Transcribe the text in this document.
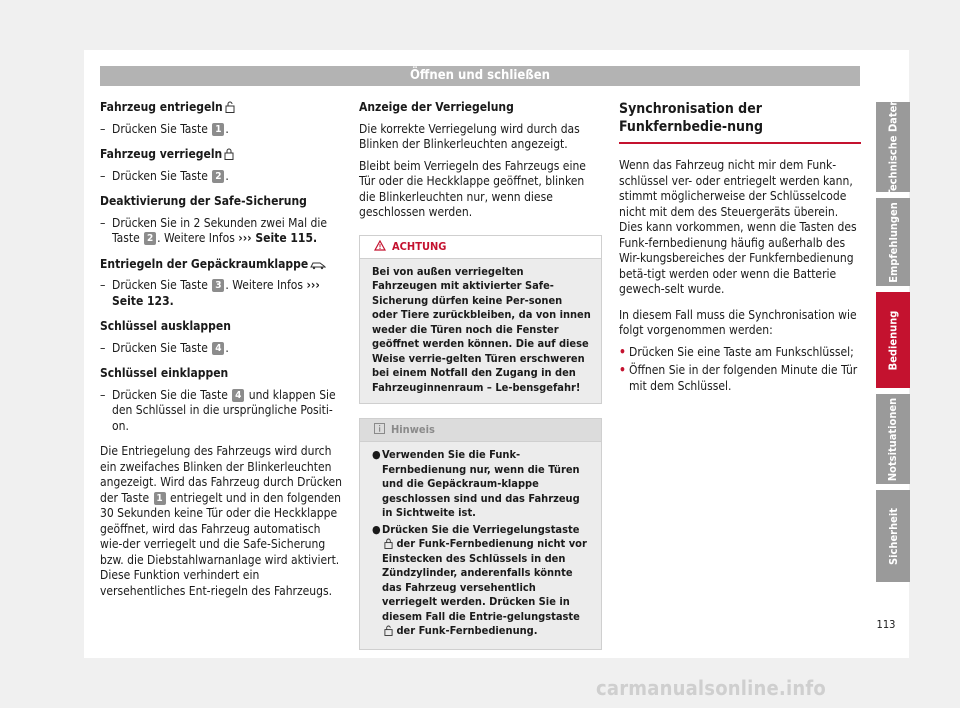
Öffnen und schließen
Fahrzeug entriegeln
– Drücken Sie Taste 1 .
Fahrzeug verriegeln
– Drücken Sie Taste 2 .
Deaktivierung der Safe-Sicherung
– Drücken Sie in 2 Sekunden zwei Mal die Taste 2 . Weitere Infos ››› Seite 115.
Entriegeln der Gepäckraumklappe
– Drücken Sie Taste 3 . Weitere Infos ››› Seite 123.
Schlüssel ausklappen
– Drücken Sie Taste 4 .
Schlüssel einklappen
– Drücken Sie die Taste 4 und klappen Sie den Schlüssel in die ursprüngliche Positi-on.
Die Entriegelung des Fahrzeugs wird durch ein zweifaches Blinken der Blinkerleuchten angezeigt. Wird das Fahrzeug durch Drücken der Taste 1 entriegelt und in den folgenden 30 Sekunden keine Tür oder die Heckklappe geöffnet, wird das Fahrzeug automatisch wie-der verriegelt und die Safe-Sicherung bzw. die Diebstahlwarnanlage wird aktiviert. Diese Funktion verhindert ein versehentliches Ent-riegeln des Fahrzeugs.
Anzeige der Verriegelung
Die korrekte Verriegelung wird durch das Blinken der Blinkerleuchten angezeigt.
Bleibt beim Verriegeln des Fahrzeugs eine Tür oder die Heckklappe geöffnet, blinken die Blinkerleuchten nur, wenn diese geschlossen werden.
ACHTUNG
Bei von außen verriegelten Fahrzeugen mit aktivierter Safe-Sicherung dürfen keine Per-sonen oder Tiere zurückbleiben, da von innen weder die Türen noch die Fenster geöffnet werden können. Die auf diese Weise verrie-gelten Türen erschweren bei einem Notfall den Zugang in den Fahrzeuginnenraum – Le-bensgefahr!
Hinweis
● Verwenden Sie die Funk-Fernbedienung nur, wenn die Türen und die Gepäckraum-klappe geschlossen sind und das Fahrzeug in Sichtweite ist.
● Drücken Sie die Verriegelungstaste  der Funk-Fernbedienung nicht vor Einstecken des Schlüssels in den Zündzylinder, anderenfalls könnte das Fahrzeug versehentlich verriegelt werden. Drücken Sie in diesem Fall die Entrie-gelungstaste  der Funk-Fernbedienung.
Synchronisation der Funkfernbedie-nung
Wenn das Fahrzeug nicht mir dem Funk-schlüssel ver- oder entriegelt werden kann, stimmt möglicherweise der Schlüsselcode nicht mit dem des Steuergeräts überein. Dies kann vorkommen, wenn die Tasten des Funk-fernbedienung häufig außerhalb des Wir-kungsbereiches der Funkfernbedienung betä-tigt werden oder wenn die Batterie gewech-selt wurde.
In diesem Fall muss die Synchronisation wie folgt vorgenommen werden:
• Drücken Sie eine Taste am Funkschlüssel;
• Öffnen Sie in der folgenden Minute die Tür mit dem Schlüssel.
Technische Daten
Empfehlungen
Bedienung
Notsituationen
Sicherheit
113
carmanualsonline.info
